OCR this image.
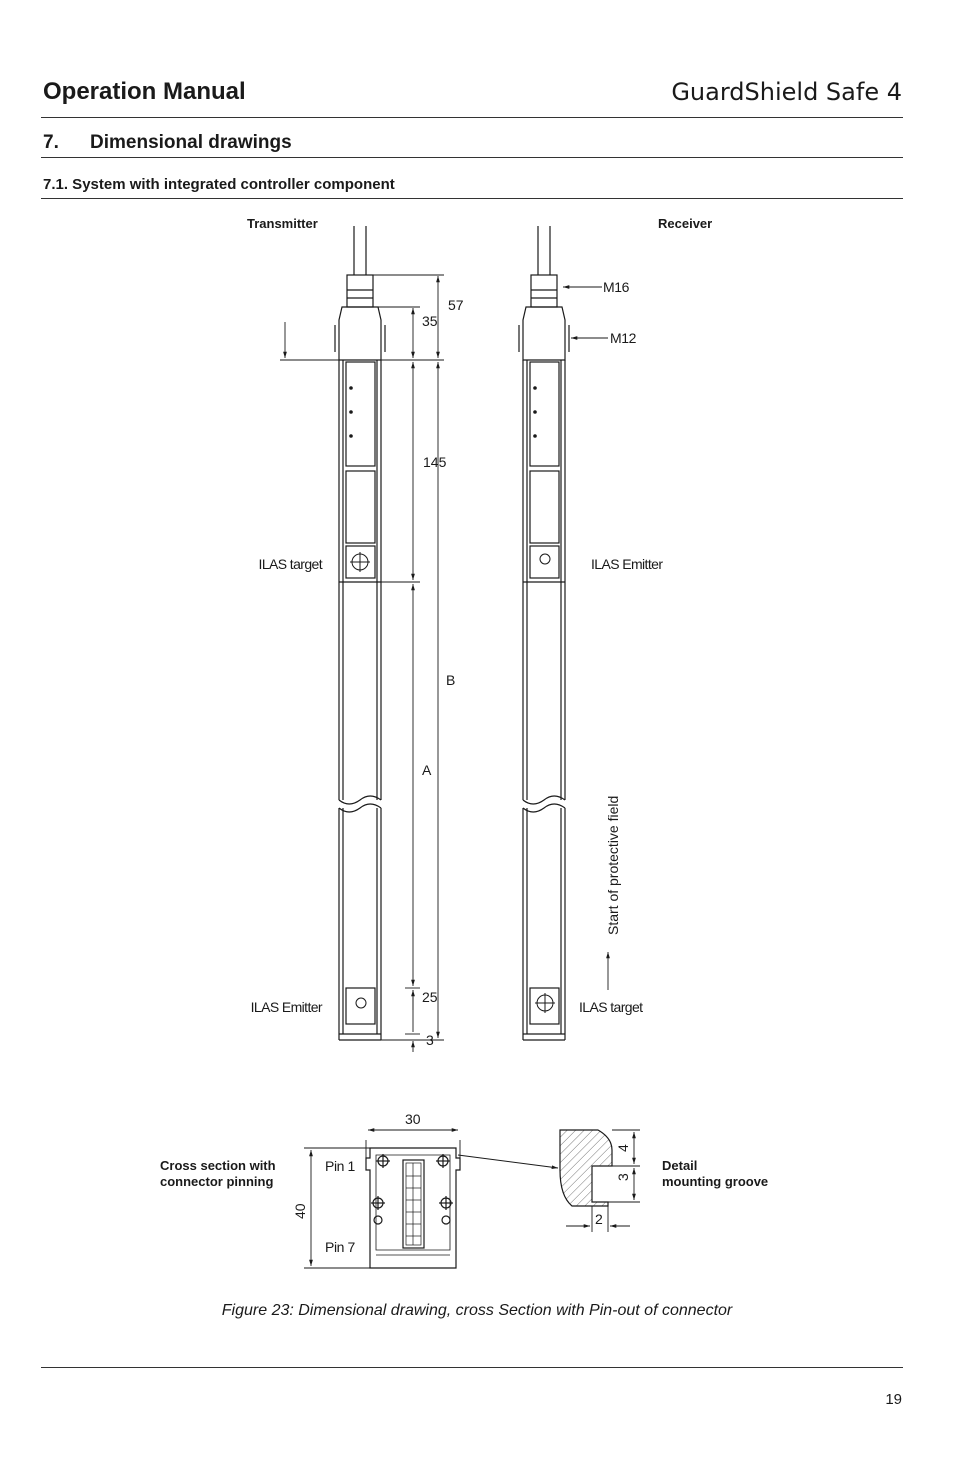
Operation Manual	GuardShield Safe 4
7. Dimensional drawings
7.1. System with integrated controller component
Transmitter	Receiver
57
35
145
B
A
25
3
ILAS target
ILAS Emitter
M16
M12
ILAS Emitter
ILAS target
Start of protective field
30
40
Pin 1
Pin 7
Cross section with
connector pinning
4
3
2
Detail
mounting groove
Figure 23: Dimensional drawing, cross Section with Pin-out of connector
19
